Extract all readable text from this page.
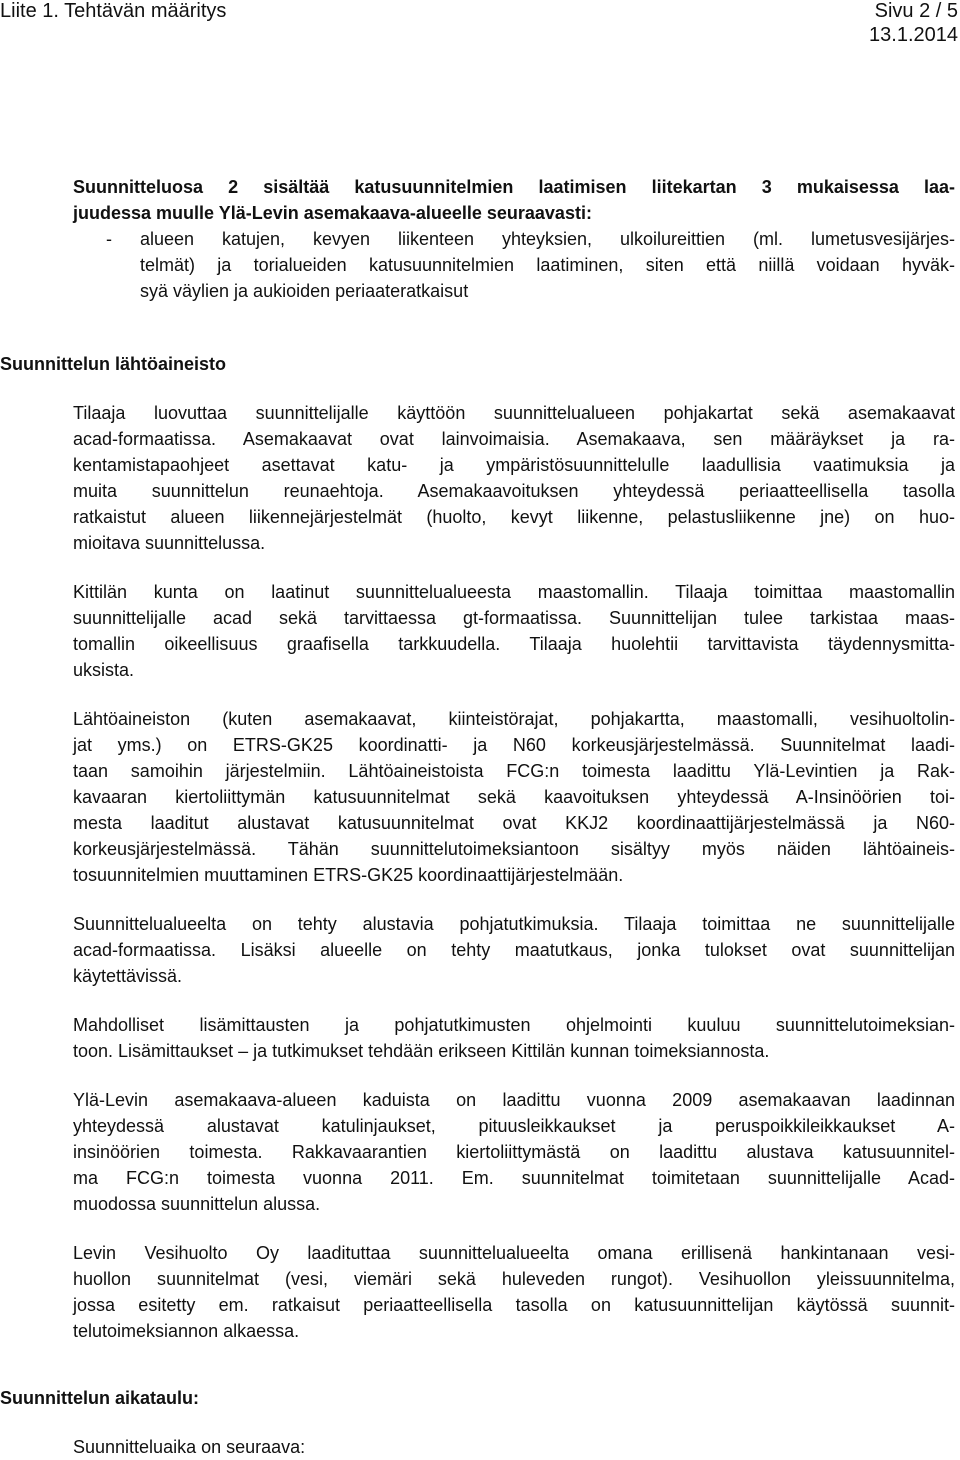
Liite 1. Tehtävän määritys	Sivu 2 / 5
13.1.2014
Suunnitteluosa 2 sisältää katusuunnitelmien laatimisen liitekartan 3 mukaisessa laa-
juudessa muulle Ylä-Levin asemakaava-alueelle seuraavasti:
- alueen katujen, kevyen liikenteen yhteyksien, ulkoilureittien (ml. lumetusvesijärjes-
telmät) ja torialueiden katusuunnitelmien laatiminen, siten että niillä voidaan hyväk-
syä väylien ja aukioiden periaateratkaisut
Suunnittelun lähtöaineisto
Tilaaja luovuttaa suunnittelijalle käyttöön suunnittelualueen pohjakartat sekä asemakaavat
acad-formaatissa. Asemakaavat ovat lainvoimaisia. Asemakaava, sen määräykset ja ra-
kentamistapaohjeet asettavat katu- ja ympäristösuunnittelulle laadullisia vaatimuksia ja
muita suunnittelun reunaehtoja. Asemakaavoituksen yhteydessä periaatteellisella tasolla
ratkaistut alueen liikennejärjestelmät (huolto, kevyt liikenne, pelastusliikenne jne) on huo-
mioitava suunnittelussa.
Kittilän kunta on laatinut suunnittelualueesta maastomallin. Tilaaja toimittaa maastomallin
suunnittelijalle acad sekä tarvittaessa gt-formaatissa. Suunnittelijan tulee tarkistaa maas-
tomallin oikeellisuus graafisella tarkkuudella. Tilaaja huolehtii tarvittavista täydennysmitta-
uksista.
Lähtöaineiston (kuten asemakaavat, kiinteistörajat, pohjakartta, maastomalli, vesihuoltolin-
jat yms.) on ETRS-GK25 koordinatti- ja N60 korkeusjärjestelmässä. Suunnitelmat laadi-
taan samoihin järjestelmiin. Lähtöaineistoista FCG:n toimesta laadittu Ylä-Levintien ja Rak-
kavaaran kiertoliittymän katusuunnitelmat sekä kaavoituksen yhteydessä A-Insinöörien toi-
mesta laaditut alustavat katusuunnitelmat ovat KKJ2 koordinaattijärjestelmässä ja N60-
korkeusjärjestelmässä. Tähän suunnittelutoimeksiantoon sisältyy myös näiden lähtöaineis-
tosuunnitelmien muuttaminen ETRS-GK25 koordinaattijärjestelmään.
Suunnittelualueelta on tehty alustavia pohjatutkimuksia. Tilaaja toimittaa ne suunnittelijalle
acad-formaatissa. Lisäksi alueelle on tehty maatutkaus, jonka tulokset ovat suunnittelijan
käytettävissä.
Mahdolliset lisämittausten ja pohjatutkimusten ohjelmointi kuuluu suunnittelutoimeksian-
toon. Lisämittaukset – ja tutkimukset tehdään erikseen Kittilän kunnan toimeksiannosta.
Ylä-Levin asemakaava-alueen kaduista on laadittu vuonna 2009 asemakaavan laadinnan
yhteydessä alustavat katulinjaukset, pituusleikkaukset ja peruspoikkileikkaukset A-
insinöörien toimesta. Rakkavaarantien kiertoliittymästä on laadittu alustava katusuunnitel-
ma FCG:n toimesta vuonna 2011. Em. suunnitelmat toimitetaan suunnittelijalle Acad-
muodossa suunnittelun alussa.
Levin Vesihuolto Oy laadituttaa suunnittelualueelta omana erillisenä hankintanaan vesi-
huollon suunnitelmat (vesi, viemäri sekä huleveden rungot). Vesihuollon yleissuunnitelma,
jossa esitetty em. ratkaisut periaatteellisella tasolla on katusuunnittelijan käytössä suunnit-
telutoimeksiannon alkaessa.
Suunnittelun aikataulu:
Suunnitteluaika on seuraava:
